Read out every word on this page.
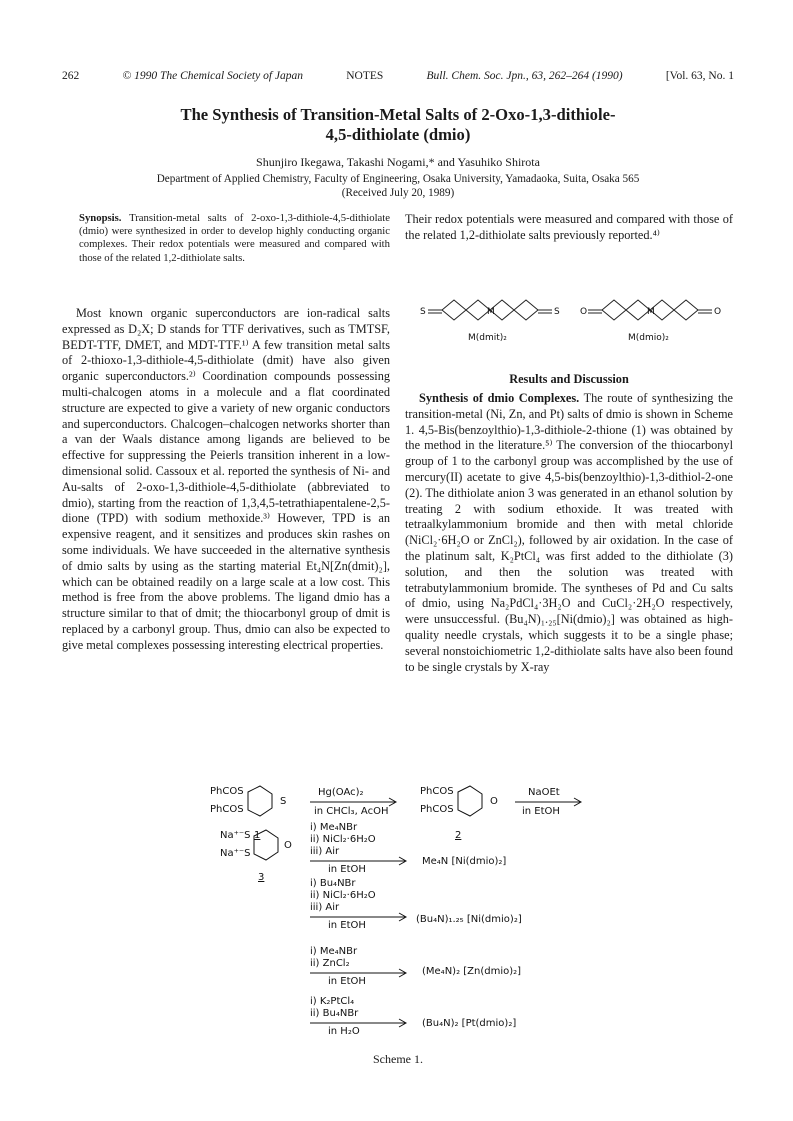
262	© 1990 The Chemical Society of Japan	NOTES	Bull. Chem. Soc. Jpn., 63, 262–264 (1990)	[Vol. 63, No. 1
The Synthesis of Transition-Metal Salts of 2-Oxo-1,3-dithiole-
4,5-dithiolate (dmio)
Shunjiro Ikegawa, Takashi Nogami,* and Yasuhiko Shirota
Department of Applied Chemistry, Faculty of Engineering, Osaka University, Yamadaoka, Suita, Osaka 565
(Received July 20, 1989)
Synopsis. Transition-metal salts of 2-oxo-1,3-dithiole-4,5-dithiolate (dmio) were synthesized in order to develop highly conducting organic complexes. Their redox potentials were measured and compared with those of the related 1,2-dithiolate salts.

Most known organic superconductors are ion-radical salts expressed as D₂X; D stands for TTF derivatives, such as TMTSF, BEDT-TTF, DMET, and MDT-TTF.¹⁾ A few transition metal salts of 2-thioxo-1,3-dithiole-4,5-dithiolate (dmit) have also given organic superconductors.²⁾ Coordination compounds possessing multi-chalcogen atoms in a molecule and a flat coordinated structure are expected to give a variety of new organic conductors and superconductors. Chalcogen–chalcogen networks shorter than a van der Waals distance among ligands are believed to be effective for suppressing the Peierls transition inherent in a low-dimensional solid. Cassoux et al. reported the synthesis of Ni- and Au-salts of 2-oxo-1,3-dithiole-4,5-dithiolate (abbreviated to dmio), starting from the reaction of 1,3,4,5-tetrathiapentalene-2,5-dione (TPD) with sodium methoxide.³⁾ However, TPD is an expensive reagent, and it sensitizes and produces skin rashes on some individuals. We have succeeded in the alternative synthesis of dmio salts by using as the starting material Et₄N[Zn(dmit)₂], which can be obtained readily on a large scale at a low cost. This method is free from the above problems. The ligand dmio has a structure similar to that of dmit; the thiocarbonyl group of dmit is replaced by a carbonyl group. Thus, dmio can also be expected to give metal complexes possessing interesting electrical properties.

Their redox potentials were measured and compared with those of the related 1,2-dithiolate salts previously reported.⁴⁾

S	S
M	O	O
M
M(dmit)₂	M(dmio)₂
Results and Discussion

Synthesis of dmio Complexes. The route of synthesizing the transition-metal (Ni, Zn, and Pt) salts of dmio is shown in Scheme 1. 4,5-Bis(benzoylthio)-1,3-dithiole-2-thione (1) was obtained by the method in the literature.⁵⁾ The conversion of the thiocarbonyl group of 1 to the carbonyl group was accomplished by the use of mercury(II) acetate to give 4,5-bis(benzoylthio)-1,3-dithiol-2-one (2). The dithiolate anion 3 was generated in an ethanol solution by treating 2 with sodium ethoxide. It was treated with tetraalkylammonium bromide and then with metal chloride (NiCl₂·6H₂O or ZnCl₂), followed by air oxidation. In the case of the platinum salt, K₂PtCl₄ was first added to the dithiolate (3) solution, and then the solution was treated with tetrabutylammonium bromide. The syntheses of Pd and Cu salts of dmio, using Na₂PdCl₄·3H₂O and CuCl₂·2H₂O respectively, were unsuccessful. (Bu₄N)₁.₂₅[Ni(dmio)₂] was obtained as high-quality needle crystals, which suggests it to be a single phase; several nonstoichiometric 1,2-dithiolate salts have also been found to be single crystals by X-ray

PhCOS
PhCOS
S
1
Hg(OAc)₂
in CHCl₃, AcOH
PhCOS
PhCOS
O
2
NaOEt
in EtOH
Na⁺⁻S
Na⁺⁻S
O
3
i) Me₄NBr
ii) NiCl₂·6H₂O
iii) Air
in EtOH
Me₄N [Ni(dmio)₂]
i) Bu₄NBr
ii) NiCl₂·6H₂O
iii) Air
in EtOH
(Bu₄N)₁.₂₅ [Ni(dmio)₂]
i) Me₄NBr
ii) ZnCl₂
in EtOH
(Me₄N)₂ [Zn(dmio)₂]
i) K₂PtCl₄
ii) Bu₄NBr
in H₂O
(Bu₄N)₂ [Pt(dmio)₂]
Scheme 1.
